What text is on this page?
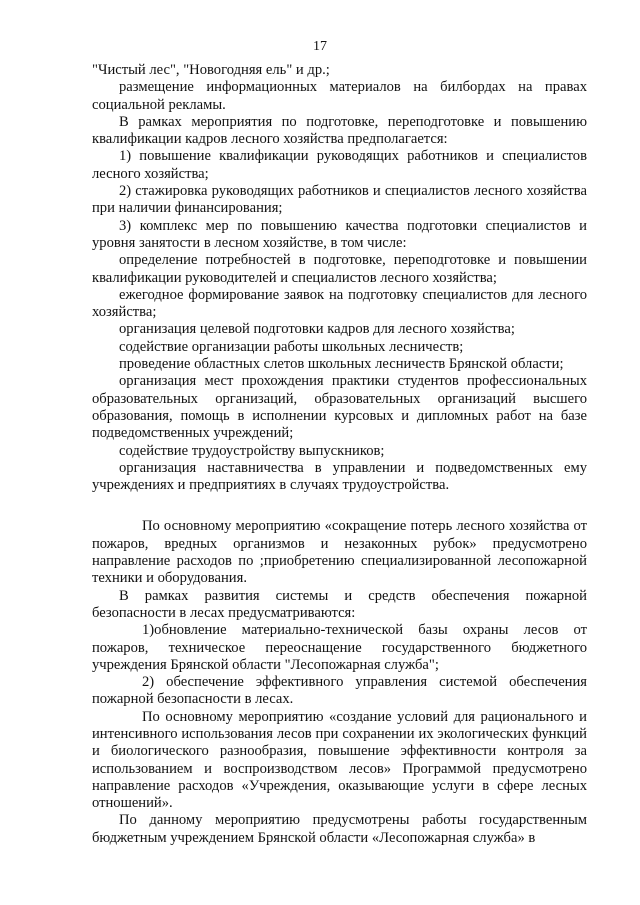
17

"Чистый лес", "Новогодняя ель" и др.;

размещение информационных материалов на билбордах на правах социальной рекламы.

В рамках мероприятия по подготовке, переподготовке и повышению квалификации кадров лесного хозяйства предполагается:

1) повышение квалификации руководящих работников и специалистов лесного хозяйства;

2) стажировка руководящих работников и специалистов лесного хозяйства при наличии финансирования;

3) комплекс мер по повышению качества подготовки специалистов и уровня занятости в лесном хозяйстве, в том числе:

определение потребностей в подготовке, переподготовке и повышении квалификации руководителей и специалистов лесного хозяйства;

ежегодное формирование заявок на подготовку специалистов для лесного хозяйства;

организация целевой подготовки кадров для лесного хозяйства;

содействие организации работы школьных лесничеств;

проведение областных слетов школьных лесничеств Брянской области;

организация мест прохождения практики студентов профессиональных образовательных организаций, образовательных организаций высшего образования, помощь в исполнении курсовых и дипломных работ на базе подведомственных учреждений;

содействие трудоустройству выпускников;

организация наставничества в управлении и подведомственных ему учреждениях и предприятиях в случаях трудоустройства.

По основному мероприятию «сокращение потерь лесного хозяйства от пожаров, вредных организмов и незаконных рубок» предусмотрено направление расходов по ;приобретению специализированной лесопожарной техники и оборудования.

В рамках развития системы и средств обеспечения пожарной безопасности в лесах предусматриваются:

1)обновление материально-технической базы охраны лесов от пожаров, техническое переоснащение государственного бюджетного учреждения Брянской области "Лесопожарная служба";

2) обеспечение эффективного управления системой обеспечения пожарной безопасности в лесах.

По основному мероприятию «создание условий для рационального и интенсивного использования лесов при сохранении их экологических функций и биологического разнообразия, повышение эффективности контроля за использованием и воспроизводством лесов» Программой предусмотрено направление расходов «Учреждения, оказывающие услуги в сфере лесных отношений».

По данному мероприятию предусмотрены работы государственным бюджетным учреждением Брянской области «Лесопожарная служба» в
